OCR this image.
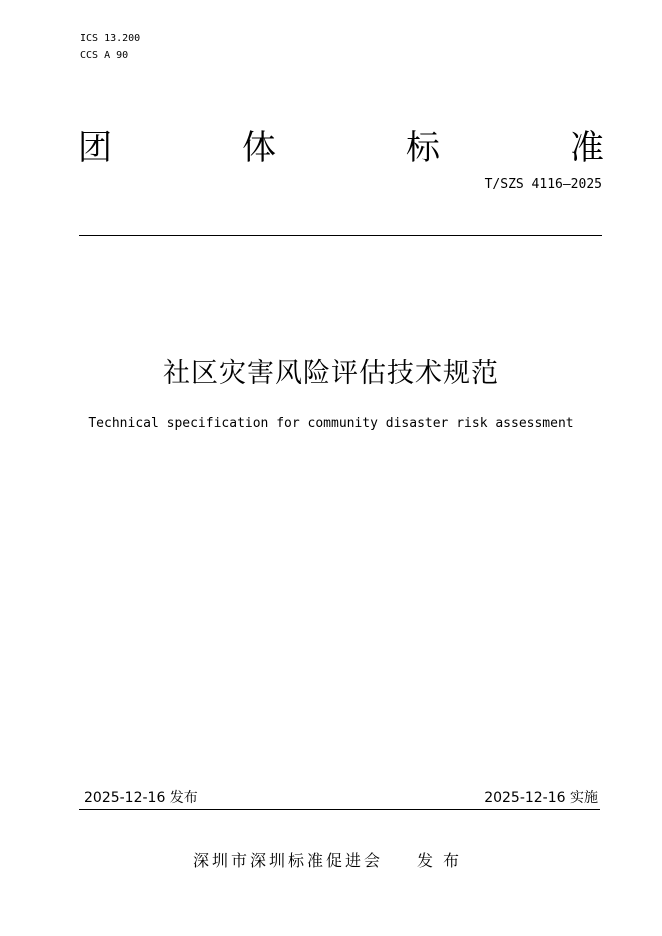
ICS 13.200
CCS A 90
团	体	标	准
T/SZS 4116—2025
社区灾害风险评估技术规范
Technical specification for community disaster risk assessment
2025-12-16 发布	2025-12-16 实施
深圳市深圳标准促进会 发布
